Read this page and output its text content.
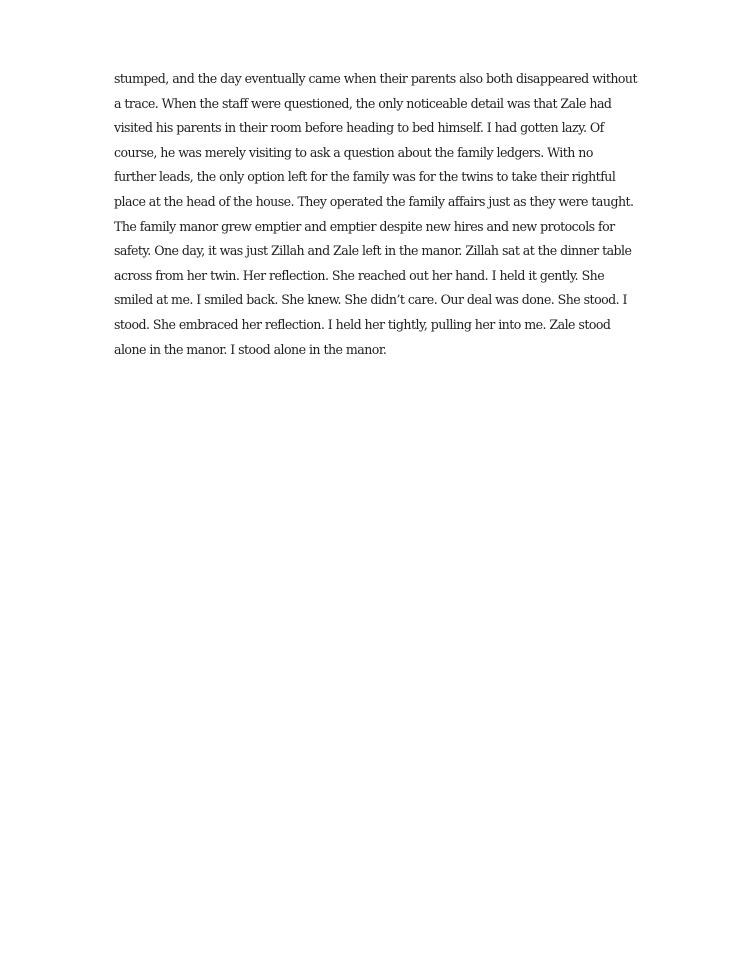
stumped, and the day eventually came when their parents also both disappeared without
a trace. When the staff were questioned, the only noticeable detail was that Zale had
visited his parents in their room before heading to bed himself. I had gotten lazy. Of
course, he was merely visiting to ask a question about the family ledgers. With no
further leads, the only option left for the family was for the twins to take their rightful
place at the head of the house. They operated the family affairs just as they were taught.
The family manor grew emptier and emptier despite new hires and new protocols for
safety. One day, it was just Zillah and Zale left in the manor. Zillah sat at the dinner table
across from her twin. Her reflection. She reached out her hand. I held it gently. She
smiled at me. I smiled back. She knew. She didn’t care. Our deal was done. She stood. I
stood. She embraced her reflection. I held her tightly, pulling her into me. Zale stood
alone in the manor. I stood alone in the manor.
